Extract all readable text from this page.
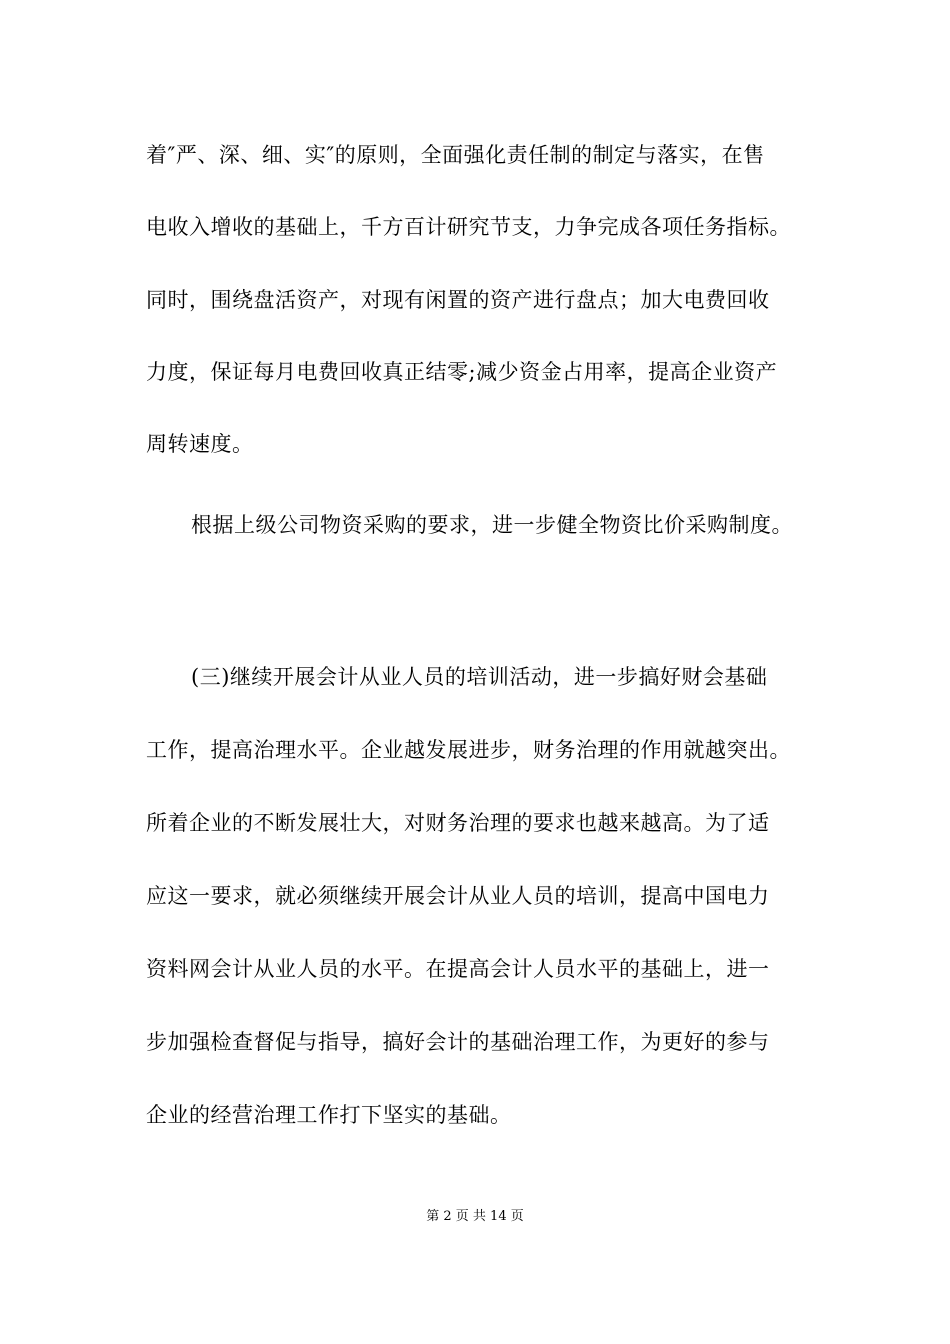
着″严、深、细、实″的原则，全面强化责任制的制定与落实，在售
电收入增收的基础上，千方百计研究节支，力争完成各项任务指标。
同时，围绕盘活资产，对现有闲置的资产进行盘点；加大电费回收
力度，保证每月电费回收真正结零;减少资金占用率，提高企业资产
周转速度。
根据上级公司物资采购的要求，进一步健全物资比价采购制度。
(三)继续开展会计从业人员的培训活动，进一步搞好财会基础
工作，提高治理水平。企业越发展进步，财务治理的作用就越突出。
所着企业的不断发展壮大，对财务治理的要求也越来越高。为了适
应这一要求，就必须继续开展会计从业人员的培训，提高中国电力
资料网会计从业人员的水平。在提高会计人员水平的基础上，进一
步加强检查督促与指导，搞好会计的基础治理工作，为更好的参与
企业的经营治理工作打下坚实的基础。
第 2 页 共 14 页
